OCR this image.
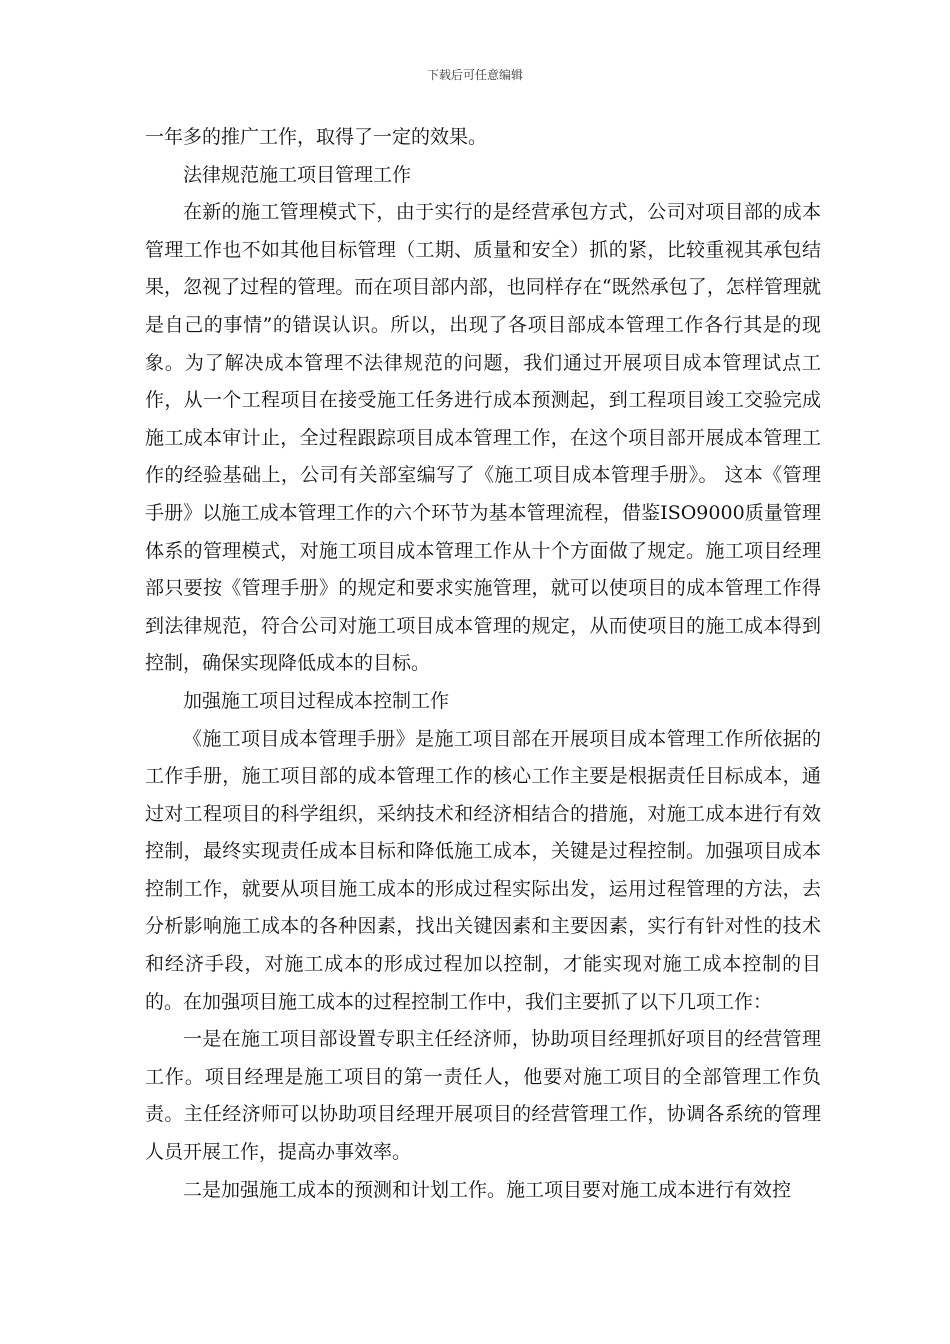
下载后可任意编辑

一年多的推广工作，取得了一定的效果。

法律规范施工项目管理工作

在新的施工管理模式下，由于实行的是经营承包方式，公司对项目部的成本管理工作也不如其他目标管理（工期、质量和安全）抓的紧，比较重视其承包结果，忽视了过程的管理。而在项目部内部，也同样存在“既然承包了，怎样管理就是自己的事情”的错误认识。所以，出现了各项目部成本管理工作各行其是的现象。为了解决成本管理不法律规范的问题，我们通过开展项目成本管理试点工作，从一个工程项目在接受施工任务进行成本预测起，到工程项目竣工交验完成施工成本审计止，全过程跟踪项目成本管理工作，在这个项目部开展成本管理工作的经验基础上，公司有关部室编写了《施工项目成本管理手册》。 这本《管理手册》以施工成本管理工作的六个环节为基本管理流程，借鉴ISO9000质量管理体系的管理模式，对施工项目成本管理工作从十个方面做了规定。施工项目经理部只要按《管理手册》的规定和要求实施管理，就可以使项目的成本管理工作得到法律规范，符合公司对施工项目成本管理的规定，从而使项目的施工成本得到控制，确保实现降低成本的目标。

加强施工项目过程成本控制工作

《施工项目成本管理手册》是施工项目部在开展项目成本管理工作所依据的工作手册，施工项目部的成本管理工作的核心工作主要是根据责任目标成本，通过对工程项目的科学组织，采纳技术和经济相结合的措施，对施工成本进行有效控制，最终实现责任成本目标和降低施工成本，关键是过程控制。加强项目成本控制工作，就要从项目施工成本的形成过程实际出发，运用过程管理的方法，去分析影响施工成本的各种因素，找出关键因素和主要因素，实行有针对性的技术和经济手段，对施工成本的形成过程加以控制，才能实现对施工成本控制的目的。在加强项目施工成本的过程控制工作中，我们主要抓了以下几项工作：

一是在施工项目部设置专职主任经济师，协助项目经理抓好项目的经营管理工作。项目经理是施工项目的第一责任人，他要对施工项目的全部管理工作负责。主任经济师可以协助项目经理开展项目的经营管理工作，协调各系统的管理人员开展工作，提高办事效率。

二是加强施工成本的预测和计划工作。施工项目要对施工成本进行有效控
